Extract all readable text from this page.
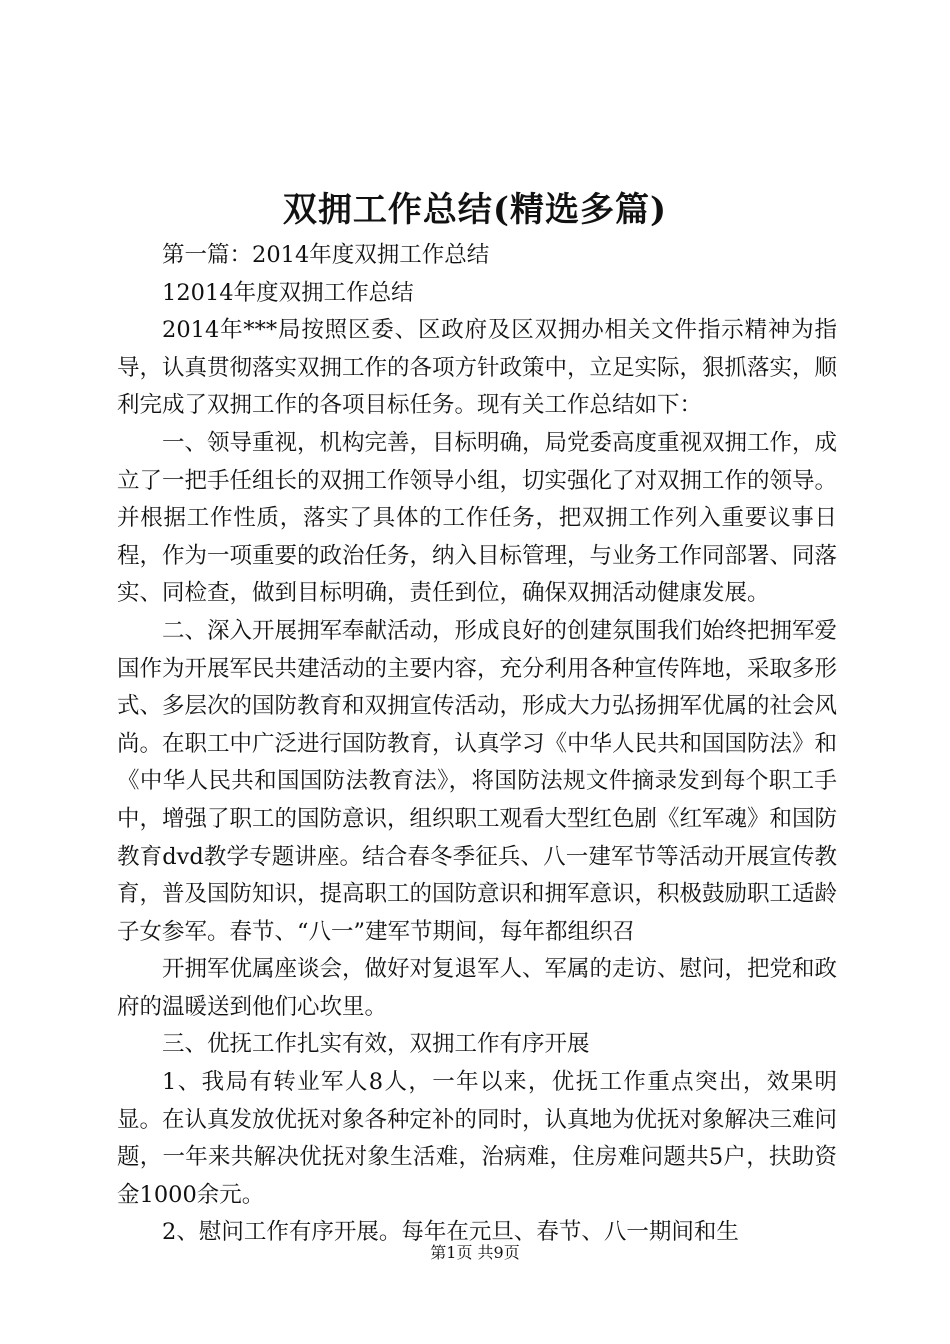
双拥工作总结(精选多篇)

第一篇：2014年度双拥工作总结

12014年度双拥工作总结

2014年***局按照区委、区政府及区双拥办相关文件指示精神为指导，认真贯彻落实双拥工作的各项方针政策中，立足实际，狠抓落实，顺利完成了双拥工作的各项目标任务。现有关工作总结如下：

一、领导重视，机构完善，目标明确，局党委高度重视双拥工作，成立了一把手任组长的双拥工作领导小组，切实强化了对双拥工作的领导。并根据工作性质，落实了具体的工作任务，把双拥工作列入重要议事日程，作为一项重要的政治任务，纳入目标管理，与业务工作同部署、同落实、同检查，做到目标明确，责任到位，确保双拥活动健康发展。

二、深入开展拥军奉献活动，形成良好的创建氛围我们始终把拥军爱国作为开展军民共建活动的主要内容，充分利用各种宣传阵地，采取多形式、多层次的国防教育和双拥宣传活动，形成大力弘扬拥军优属的社会风尚。在职工中广泛进行国防教育，认真学习《中华人民共和国国防法》和《中华人民共和国国防法教育法》，将国防法规文件摘录发到每个职工手中，增强了职工的国防意识，组织职工观看大型红色剧《红军魂》和国防教育dvd教学专题讲座。结合春冬季征兵、八一建军节等活动开展宣传教育，普及国防知识，提高职工的国防意识和拥军意识，积极鼓励职工适龄子女参军。春节、“八一”建军节期间，每年都组织召

开拥军优属座谈会，做好对复退军人、军属的走访、慰问，把党和政府的温暖送到他们心坎里。

三、优抚工作扎实有效，双拥工作有序开展

1、我局有转业军人8人，一年以来，优抚工作重点突出，效果明显。在认真发放优抚对象各种定补的同时，认真地为优抚对象解决三难问题，一年来共解决优抚对象生活难，治病难，住房难问题共5户，扶助资金1000余元。

2、慰问工作有序开展。每年在元旦、春节、八一期间和生

第1页 共9页
